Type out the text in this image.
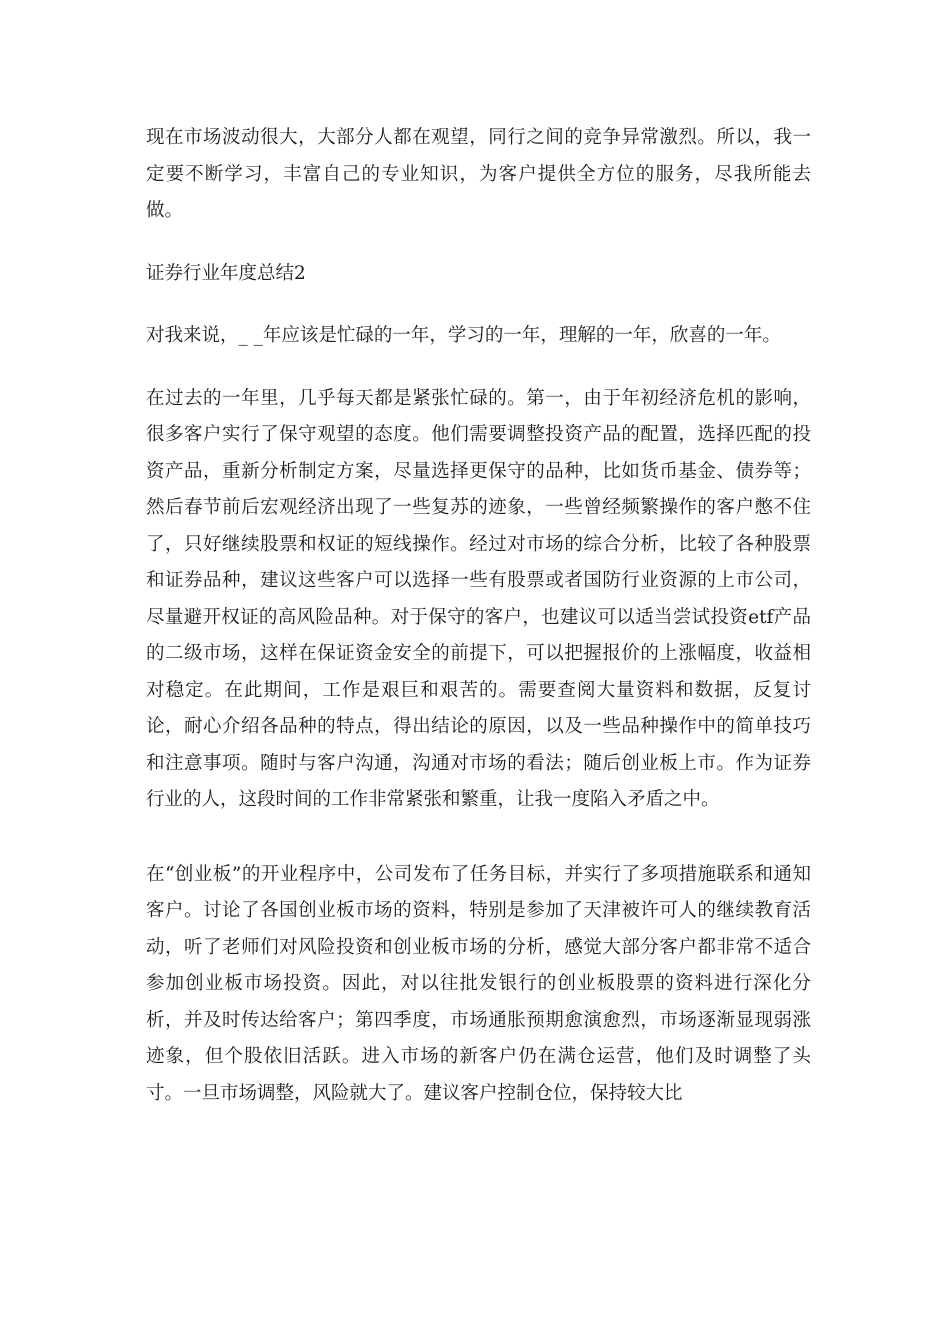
现在市场波动很大，大部分人都在观望，同行之间的竞争异常激烈。所以，我一定要不断学习，丰富自己的专业知识，为客户提供全方位的服务，尽我所能去做。

证券行业年度总结2

对我来说，_ _年应该是忙碌的一年，学习的一年，理解的一年，欣喜的一年。

在过去的一年里，几乎每天都是紧张忙碌的。第一，由于年初经济危机的影响，很多客户实行了保守观望的态度。他们需要调整投资产品的配置，选择匹配的投资产品，重新分析制定方案，尽量选择更保守的品种，比如货币基金、债券等；然后春节前后宏观经济出现了一些复苏的迹象，一些曾经频繁操作的客户憋不住了，只好继续股票和权证的短线操作。经过对市场的综合分析，比较了各种股票和证券品种，建议这些客户可以选择一些有股票或者国防行业资源的上市公司，尽量避开权证的高风险品种。对于保守的客户，也建议可以适当尝试投资etf产品的二级市场，这样在保证资金安全的前提下，可以把握报价的上涨幅度，收益相对稳定。在此期间，工作是艰巨和艰苦的。需要查阅大量资料和数据，反复讨论，耐心介绍各品种的特点，得出结论的原因，以及一些品种操作中的简单技巧和注意事项。随时与客户沟通，沟通对市场的看法；随后创业板上市。作为证券行业的人，这段时间的工作非常紧张和繁重，让我一度陷入矛盾之中。

在“创业板”的开业程序中，公司发布了任务目标，并实行了多项措施联系和通知客户。讨论了各国创业板市场的资料，特别是参加了天津被许可人的继续教育活动，听了老师们对风险投资和创业板市场的分析，感觉大部分客户都非常不适合参加创业板市场投资。因此，对以往批发银行的创业板股票的资料进行深化分析，并及时传达给客户；第四季度，市场通胀预期愈演愈烈，市场逐渐显现弱涨迹象，但个股依旧活跃。进入市场的新客户仍在满仓运营，他们及时调整了头寸。一旦市场调整，风险就大了。建议客户控制仓位，保持较大比
